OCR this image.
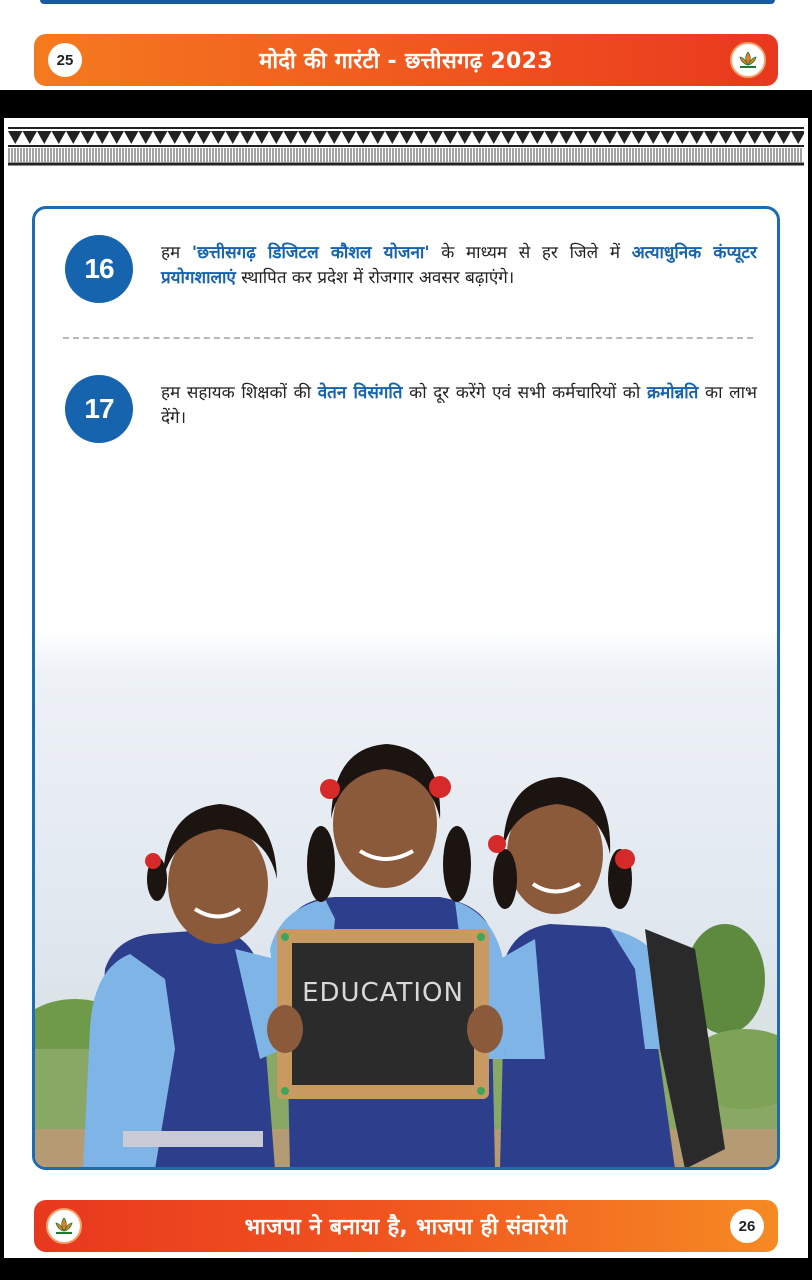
25	मोदी की गारंटी - छत्तीसगढ़ 2023
16	हम 'छत्तीसगढ़ डिजिटल कौशल योजना' के माध्यम से हर जिले में अत्याधुनिक कंप्यूटर प्रयोगशालाएं स्थापित कर प्रदेश में रोजगार अवसर बढ़ाएंगे।
17	हम सहायक शिक्षकों की वेतन विसंगति को दूर करेंगे एवं सभी कर्मचारियों को क्रमोन्नति का लाभ देंगे।
EDUCATION
भाजपा ने बनाया है, भाजपा ही संवारेगी	26
